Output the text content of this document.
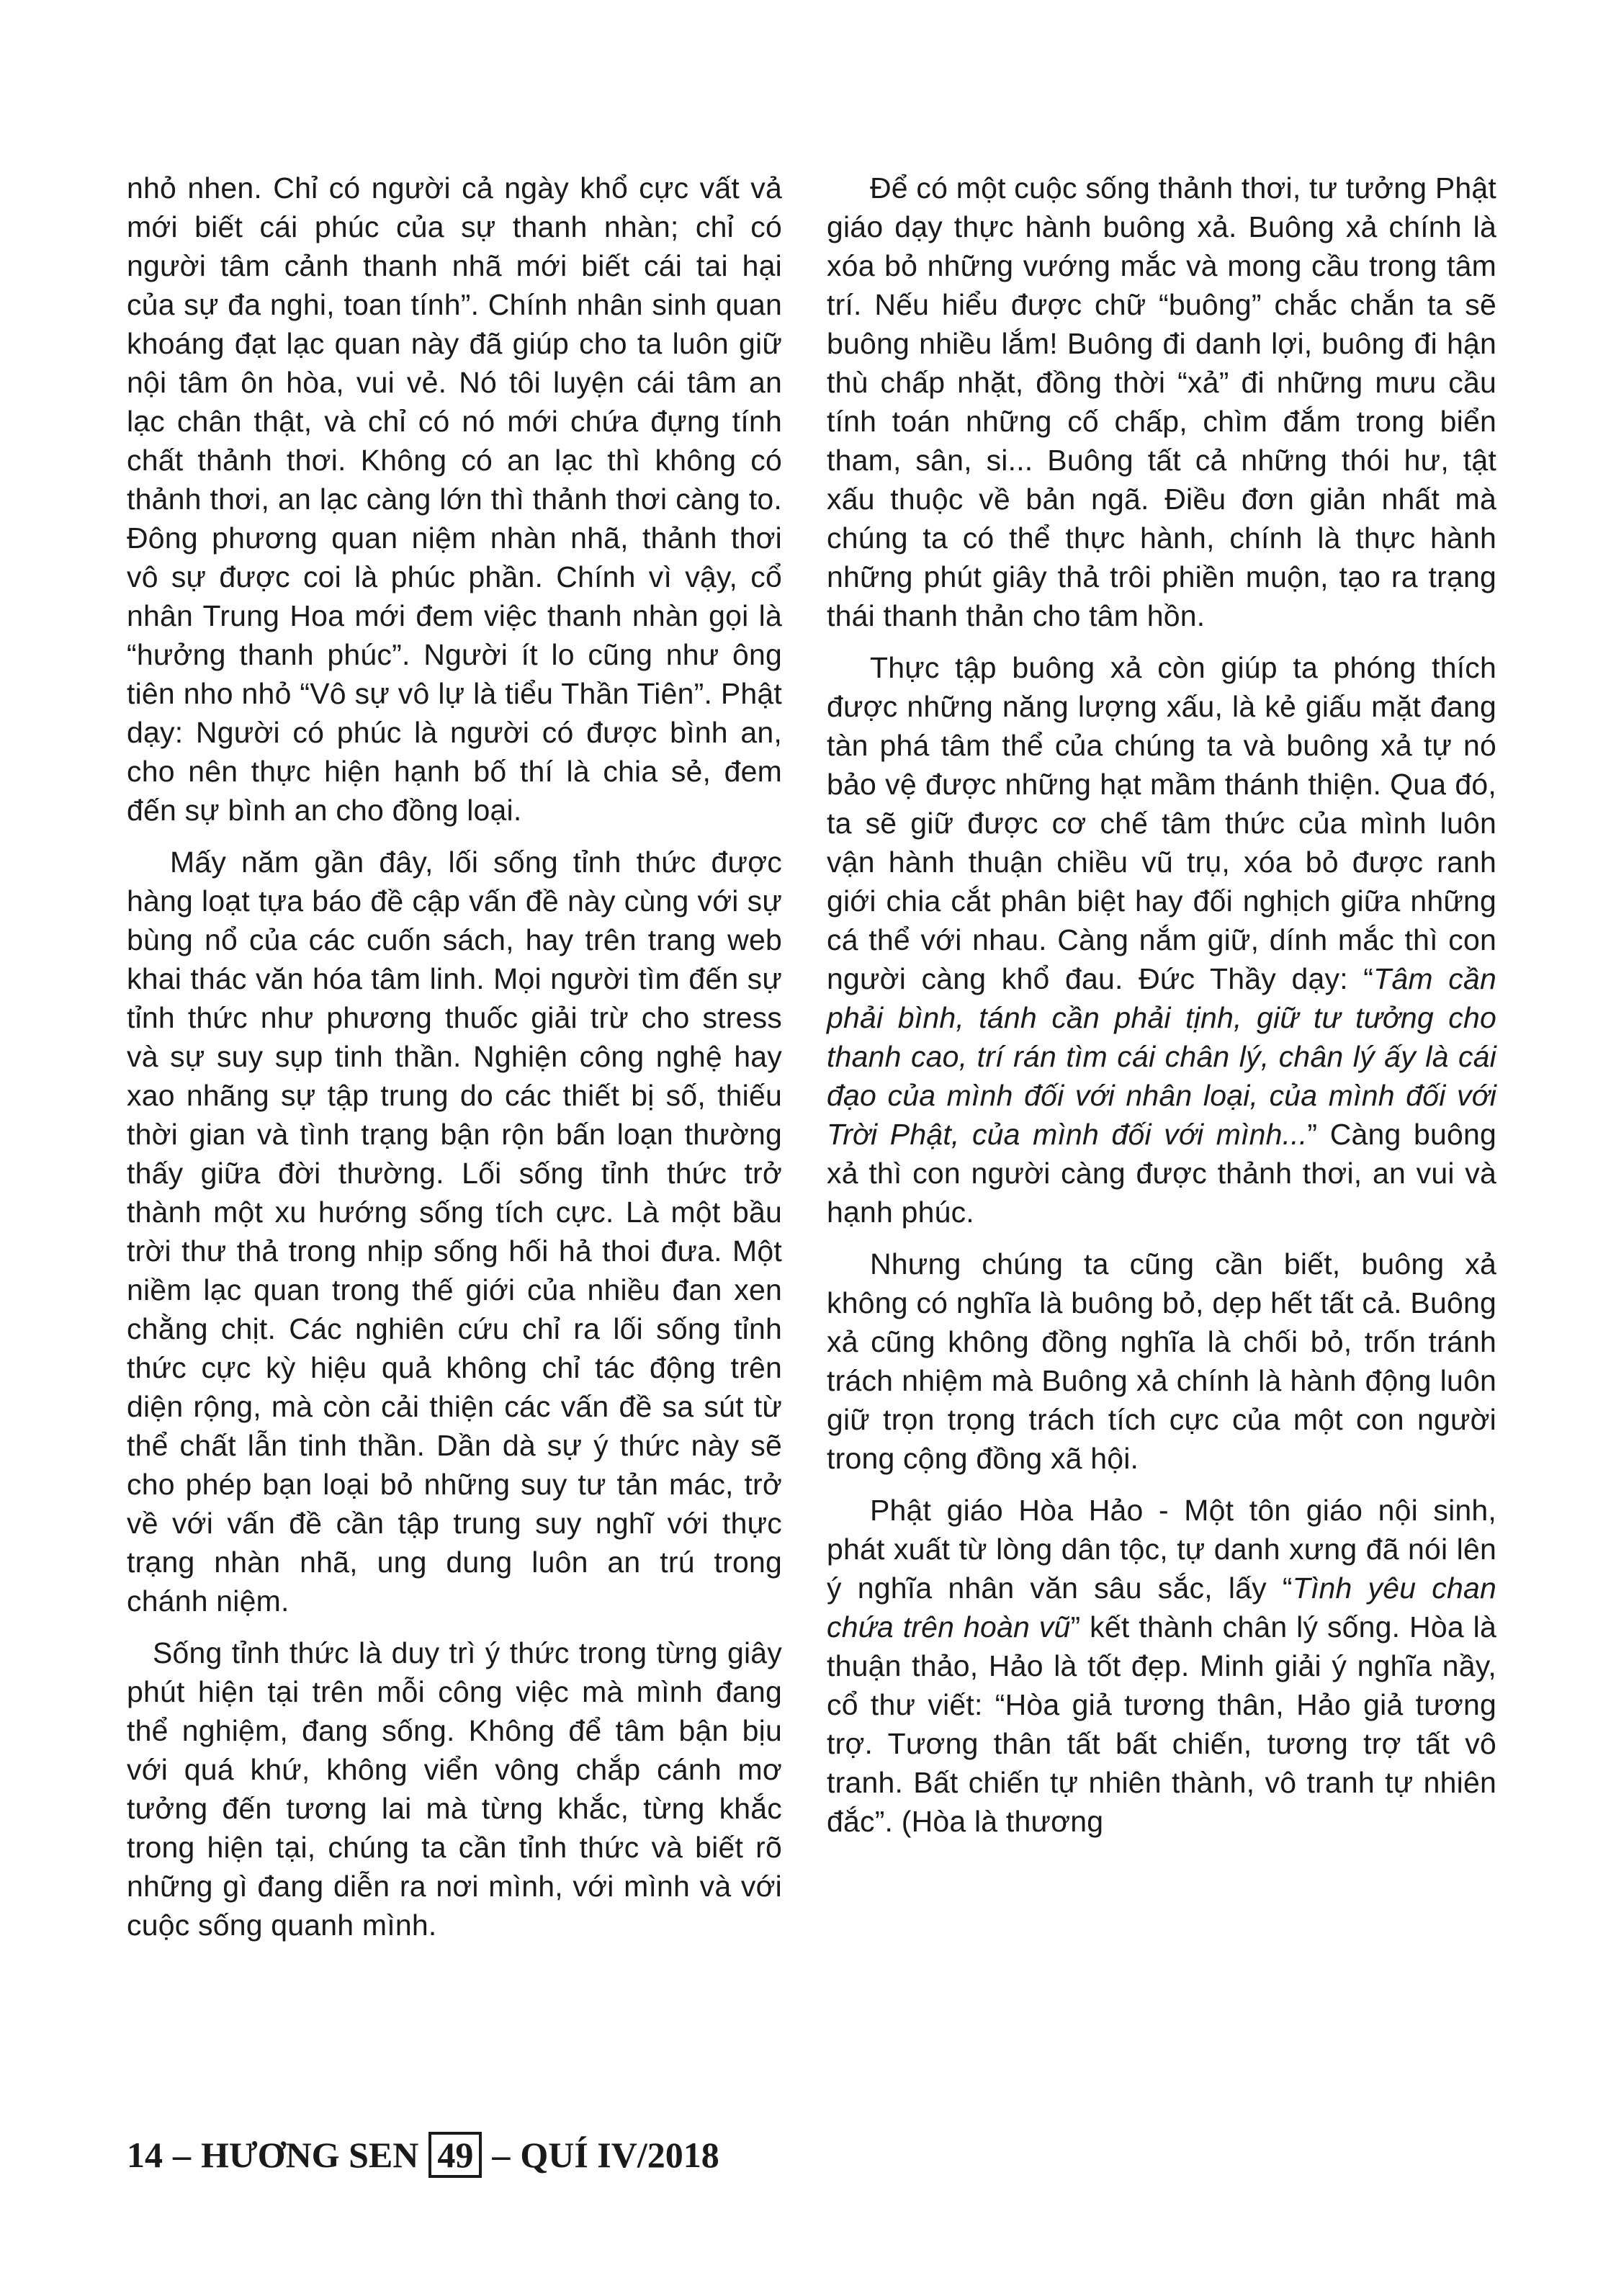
nhỏ nhen. Chỉ có người cả ngày khổ cực vất vả mới biết cái phúc của sự thanh nhàn; chỉ có người tâm cảnh thanh nhã mới biết cái tai hại của sự đa nghi, toan tính”. Chính nhân sinh quan khoáng đạt lạc quan này đã giúp cho ta luôn giữ nội tâm ôn hòa, vui vẻ. Nó tôi luyện cái tâm an lạc chân thật, và chỉ có nó mới chứa đựng tính chất thảnh thơi. Không có an lạc thì không có thảnh thơi, an lạc càng lớn thì thảnh thơi càng to. Đông phương quan niệm nhàn nhã, thảnh thơi vô sự được coi là phúc phần. Chính vì vậy, cổ nhân Trung Hoa mới đem việc thanh nhàn gọi là “hưởng thanh phúc”. Người ít lo cũng như ông tiên nho nhỏ “Vô sự vô lự là tiểu Thần Tiên”. Phật dạy: Người có phúc là người có được bình an, cho nên thực hiện hạnh bố thí là chia sẻ, đem đến sự bình an cho đồng loại.

Mấy năm gần đây, lối sống tỉnh thức được hàng loạt tựa báo đề cập vấn đề này cùng với sự bùng nổ của các cuốn sách, hay trên trang web khai thác văn hóa tâm linh. Mọi người tìm đến sự tỉnh thức như phương thuốc giải trừ cho stress và sự suy sụp tinh thần. Nghiện công nghệ hay xao nhãng sự tập trung do các thiết bị số, thiếu thời gian và tình trạng bận rộn bấn loạn thường thấy giữa đời thường. Lối sống tỉnh thức trở thành một xu hướng sống tích cực. Là một bầu trời thư thả trong nhịp sống hối hả thoi đưa. Một niềm lạc quan trong thế giới của nhiều đan xen chằng chịt. Các nghiên cứu chỉ ra lối sống tỉnh thức cực kỳ hiệu quả không chỉ tác động trên diện rộng, mà còn cải thiện các vấn đề sa sút từ thể chất lẫn tinh thần. Dần dà sự ý thức này sẽ cho phép bạn loại bỏ những suy tư tản mác, trở về với vấn đề cần tập trung suy nghĩ với thực trạng nhàn nhã, ung dung luôn an trú trong chánh niệm.

Sống tỉnh thức là duy trì ý thức trong từng giây phút hiện tại trên mỗi công việc mà mình đang thể nghiệm, đang sống. Không để tâm bận bịu với quá khứ, không viển vông chắp cánh mơ tưởng đến tương lai mà từng khắc, từng khắc trong hiện tại, chúng ta cần tỉnh thức và biết rõ những gì đang diễn ra nơi mình, với mình và với cuộc sống quanh mình.

Để có một cuộc sống thảnh thơi, tư tưởng Phật giáo dạy thực hành buông xả. Buông xả chính là xóa bỏ những vướng mắc và mong cầu trong tâm trí. Nếu hiểu được chữ “buông” chắc chắn ta sẽ buông nhiều lắm! Buông đi danh lợi, buông đi hận thù chấp nhặt, đồng thời “xả” đi những mưu cầu tính toán những cố chấp, chìm đắm trong biển tham, sân, si... Buông tất cả những thói hư, tật xấu thuộc về bản ngã. Điều đơn giản nhất mà chúng ta có thể thực hành, chính là thực hành những phút giây thả trôi phiền muộn, tạo ra trạng thái thanh thản cho tâm hồn.

Thực tập buông xả còn giúp ta phóng thích được những năng lượng xấu, là kẻ giấu mặt đang tàn phá tâm thể của chúng ta và buông xả tự nó bảo vệ được những hạt mầm thánh thiện. Qua đó, ta sẽ giữ được cơ chế tâm thức của mình luôn vận hành thuận chiều vũ trụ, xóa bỏ được ranh giới chia cắt phân biệt hay đối nghịch giữa những cá thể với nhau. Càng nắm giữ, dính mắc thì con người càng khổ đau. Đức Thầy dạy: “Tâm cần phải bình, tánh cần phải tịnh, giữ tư tưởng cho thanh cao, trí rán tìm cái chân lý, chân lý ấy là cái đạo của mình đối với nhân loại, của mình đối với Trời Phật, của mình đối với mình...” Càng buông xả thì con người càng được thảnh thơi, an vui và hạnh phúc.

Nhưng chúng ta cũng cần biết, buông xả không có nghĩa là buông bỏ, dẹp hết tất cả. Buông xả cũng không đồng nghĩa là chối bỏ, trốn tránh trách nhiệm mà Buông xả chính là hành động luôn giữ trọn trọng trách tích cực của một con người trong cộng đồng xã hội.

Phật giáo Hòa Hảo - Một tôn giáo nội sinh, phát xuất từ lòng dân tộc, tự danh xưng đã nói lên ý nghĩa nhân văn sâu sắc, lấy “Tình yêu chan chứa trên hoàn vũ” kết thành chân lý sống. Hòa là thuận thảo, Hảo là tốt đẹp. Minh giải ý nghĩa nầy, cổ thư viết: “Hòa giả tương thân, Hảo giả tương trợ. Tương thân tất bất chiến, tương trợ tất vô tranh. Bất chiến tự nhiên thành, vô tranh tự nhiên đắc”. (Hòa là thương

14 – HƯƠNG SEN 49 – QUÍ IV/2018
